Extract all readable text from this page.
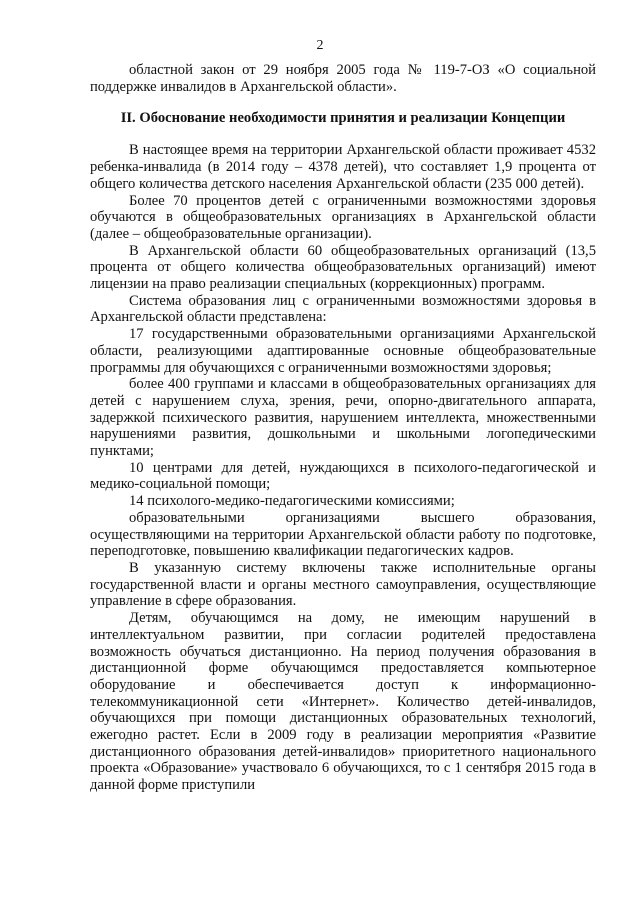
2

областной закон от 29 ноября 2005 года № 119-7-ОЗ «О социальной поддержке инвалидов в Архангельской области».

II. Обоснование необходимости принятия и реализации Концепции

В настоящее время на территории Архангельской области проживает 4532 ребенка-инвалида (в 2014 году – 4378 детей), что составляет 1,9 процента от общего количества детского населения Архангельской области (235 000 детей).

Более 70 процентов детей с ограниченными возможностями здоровья обучаются в общеобразовательных организациях в Архангельской области (далее – общеобразовательные организации).

В Архангельской области 60 общеобразовательных организаций (13,5 процента от общего количества общеобразовательных организаций) имеют лицензии на право реализации специальных (коррекционных) программ.

Система образования лиц с ограниченными возможностями здоровья в Архангельской области представлена:

17 государственными образовательными организациями Архангельской области, реализующими адаптированные основные общеобразовательные программы для обучающихся с ограниченными возможностями здоровья;

более 400 группами и классами в общеобразовательных организациях для детей с нарушением слуха, зрения, речи, опорно-двигательного аппарата, задержкой психического развития, нарушением интеллекта, множественными нарушениями развития, дошкольными и школьными логопедическими пунктами;

10 центрами для детей, нуждающихся в психолого-педагогической и медико-социальной помощи;

14 психолого-медико-педагогическими комиссиями;

образовательными организациями высшего образования, осуществляющими на территории Архангельской области работу по подготовке, переподготовке, повышению квалификации педагогических кадров.

В указанную систему включены также исполнительные органы государственной власти и органы местного самоуправления, осуществляющие управление в сфере образования.

Детям, обучающимся на дому, не имеющим нарушений в интеллектуальном развитии, при согласии родителей предоставлена возможность обучаться дистанционно. На период получения образования в дистанционной форме обучающимся предоставляется компьютерное оборудование и обеспечивается доступ к информационно-телекоммуникационной сети «Интернет». Количество детей-инвалидов, обучающихся при помощи дистанционных образовательных технологий, ежегодно растет. Если в 2009 году в реализации мероприятия «Развитие дистанционного образования детей-инвалидов» приоритетного национального проекта «Образование» участвовало 6 обучающихся, то с 1 сентября 2015 года в данной форме приступили
